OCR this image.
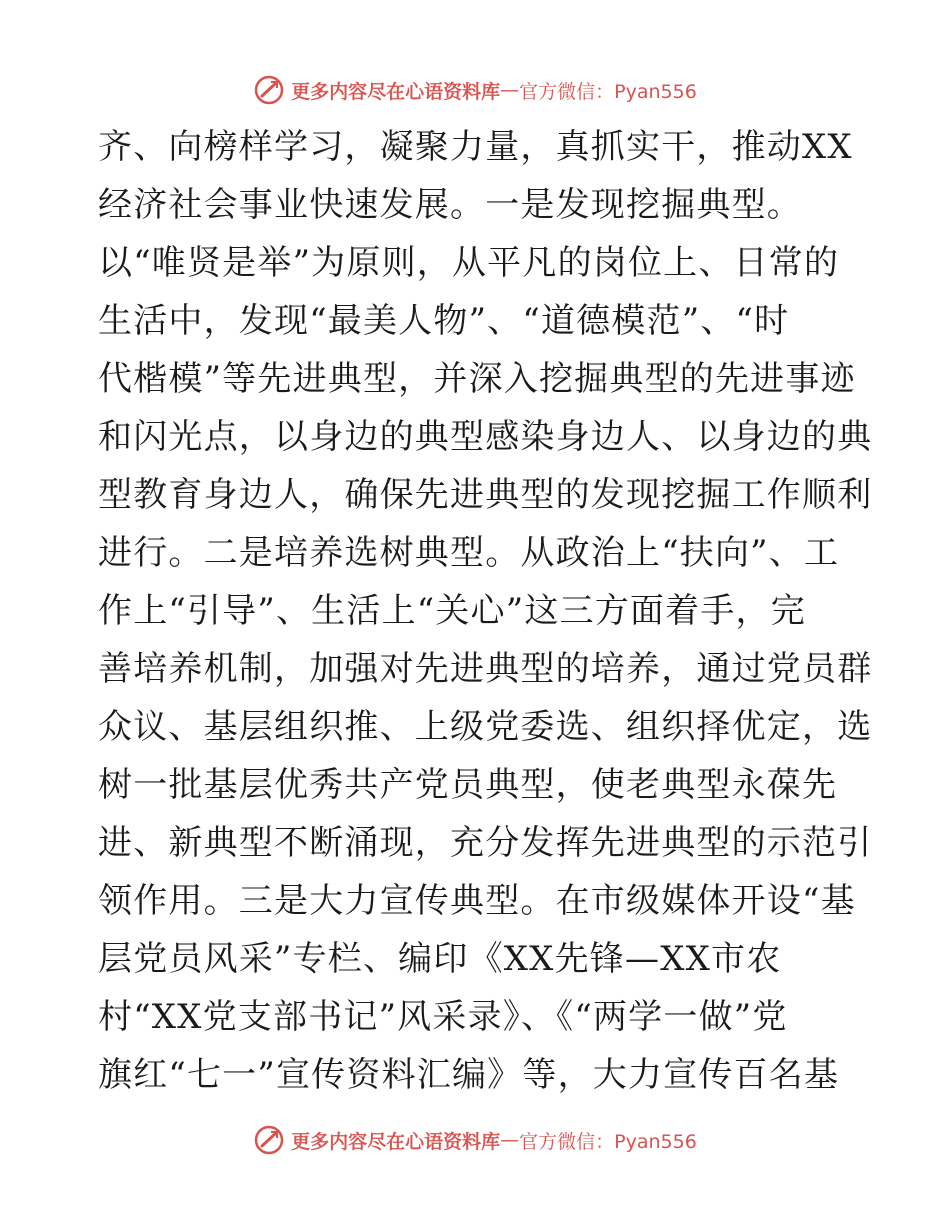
更多内容尽在心语资料库 — 官方微信：Pyan556
齐、向榜样学习，凝聚力量，真抓实干，推动XX
经济社会事业快速发展。一是发现挖掘典型。
以“唯贤是举”为原则，从平凡的岗位上、日常的
生活中，发现“最美人物”、“道德模范”、“时
代楷模”等先进典型，并深入挖掘典型的先进事迹
和闪光点，以身边的典型感染身边人、以身边的典
型教育身边人，确保先进典型的发现挖掘工作顺利
进行。二是培养选树典型。从政治上“扶向”、工
作上“引导”、生活上“关心”这三方面着手，完
善培养机制，加强对先进典型的培养，通过党员群
众议、基层组织推、上级党委选、组织择优定，选
树一批基层优秀共产党员典型，使老典型永葆先
进、新典型不断涌现，充分发挥先进典型的示范引
领作用。三是大力宣传典型。在市级媒体开设“基
层党员风采”专栏、编印《XX先锋—XX市农
村“XX党支部书记”风采录》、《“两学一做”党
旗红“七一”宣传资料汇编》等，大力宣传百名基
更多内容尽在心语资料库 — 官方微信：Pyan556
